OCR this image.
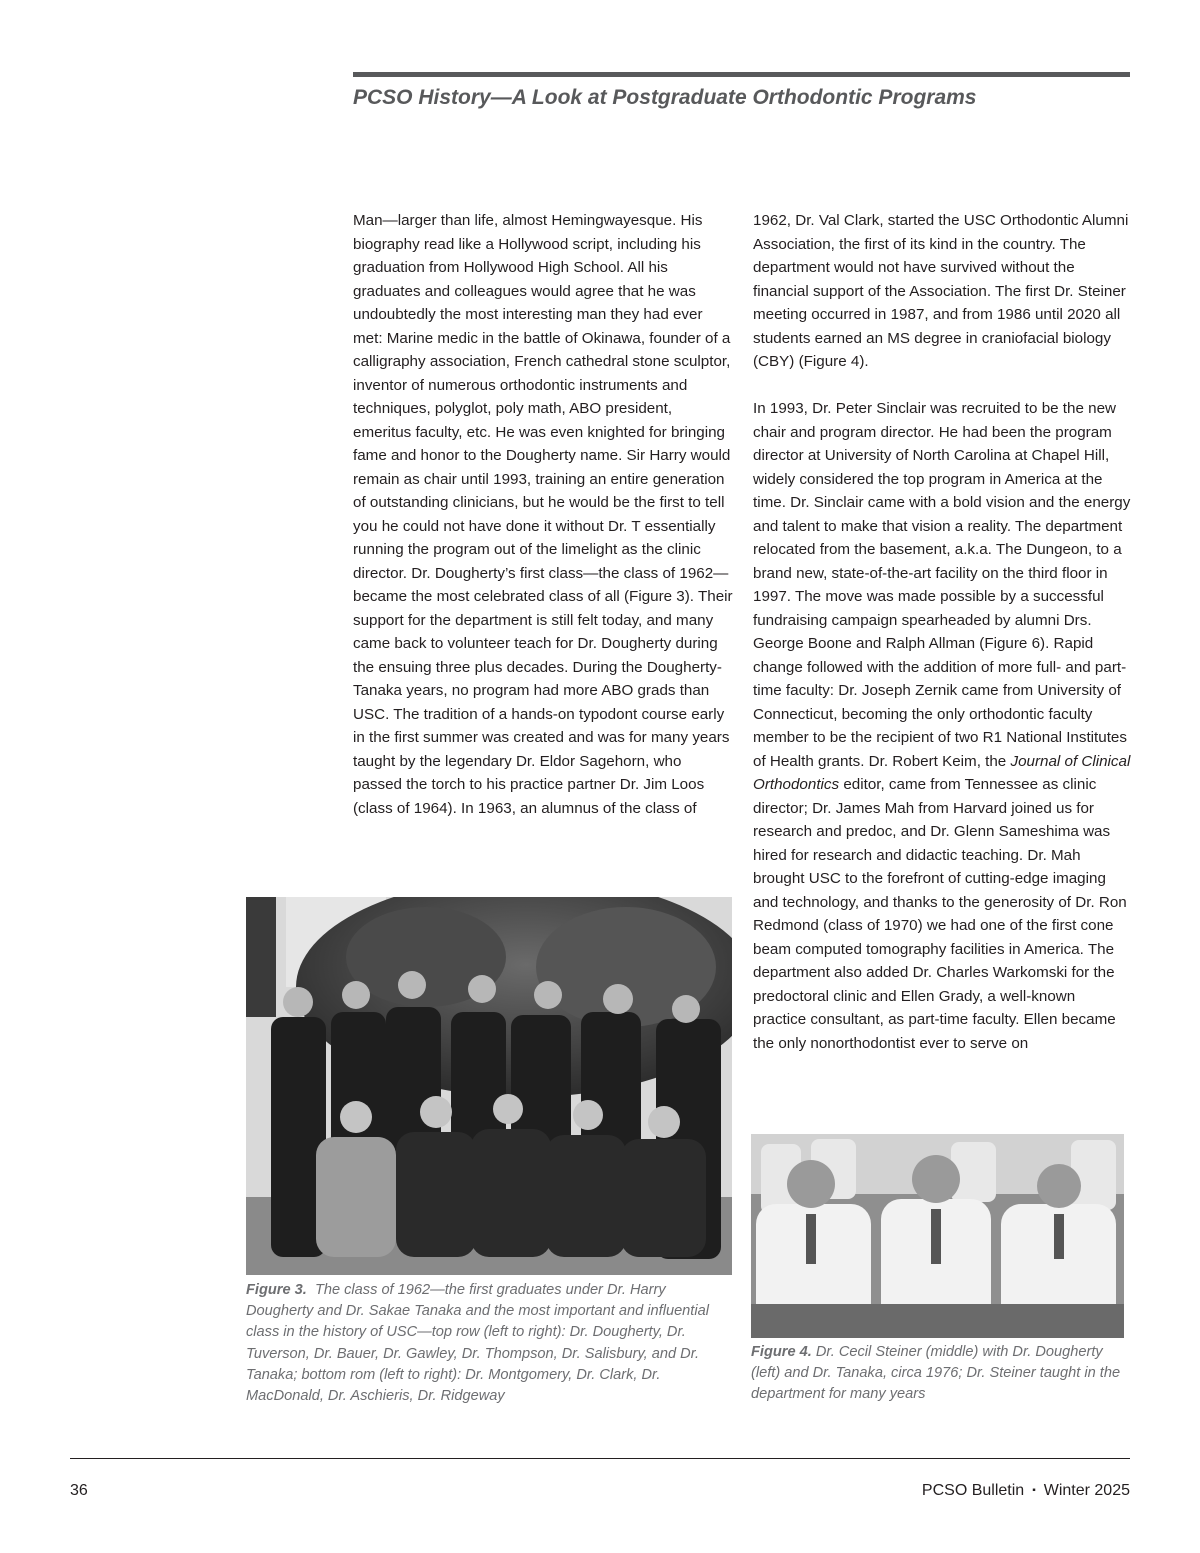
PCSO History—A Look at Postgraduate Orthodontic Programs

Man—larger than life, almost Hemingwayesque. His biography read like a Hollywood script, including his graduation from Hollywood High School. All his graduates and colleagues would agree that he was undoubtedly the most interesting man they had ever met: Marine medic in the battle of Okinawa, founder of a calligraphy association, French cathedral stone sculptor, inventor of numerous orthodontic instruments and techniques, polyglot, poly math, ABO president, emeritus faculty, etc. He was even knighted for bringing fame and honor to the Dougherty name. Sir Harry would remain as chair until 1993, training an entire generation of outstanding clinicians, but he would be the first to tell you he could not have done it without Dr. T essentially running the program out of the limelight as the clinic director. Dr. Dougherty’s first class—the class of 1962—became the most celebrated class of all (Figure 3). Their support for the department is still felt today, and many came back to volunteer teach for Dr. Dougherty during the ensuing three plus decades. During the Dougherty-Tanaka years, no program had more ABO grads than USC. The tradition of a hands-on typodont course early in the first summer was created and was for many years taught by the legendary Dr. Eldor Sagehorn, who passed the torch to his practice partner Dr. Jim Loos (class of 1964). In 1963, an alumnus of the class of

1962, Dr. Val Clark, started the USC Orthodontic Alumni Association, the first of its kind in the country. The department would not have survived without the financial support of the Association. The first Dr. Steiner meeting occurred in 1987, and from 1986 until 2020 all students earned an MS degree in craniofacial biology (CBY) (Figure 4).

In 1993, Dr. Peter Sinclair was recruited to be the new chair and program director. He had been the program director at University of North Carolina at Chapel Hill, widely considered the top program in America at the time. Dr. Sinclair came with a bold vision and the energy and talent to make that vision a reality. The department relocated from the basement, a.k.a. The Dungeon, to a brand new, state-of-the-art facility on the third floor in 1997. The move was made possible by a successful fundraising campaign spearheaded by alumni Drs. George Boone and Ralph Allman (Figure 6). Rapid change followed with the addition of more full- and part-time faculty: Dr. Joseph Zernik came from University of Connecticut, becoming the only orthodontic faculty member to be the recipient of two R1 National Institutes of Health grants. Dr. Robert Keim, the Journal of Clinical Orthodontics editor, came from Tennessee as clinic director; Dr. James Mah from Harvard joined us for research and predoc, and Dr. Glenn Sameshima was hired for research and didactic teaching. Dr. Mah brought USC to the forefront of cutting-edge imaging and technology, and thanks to the generosity of Dr. Ron Redmond (class of 1970) we had one of the first cone beam computed tomography facilities in America. The department also added Dr. Charles Warkomski for the predoctoral clinic and Ellen Grady, a well-known practice consultant, as part-time faculty. Ellen became the only nonorthodontist ever to serve on

Figure 3. The class of 1962—the first graduates under Dr. Harry Dougherty and Dr. Sakae Tanaka and the most important and influential class in the history of USC—top row (left to right): Dr. Dougherty, Dr. Tuverson, Dr. Bauer, Dr. Gawley, Dr. Thompson, Dr. Salisbury, and Dr. Tanaka; bottom rom (left to right): Dr. Montgomery, Dr. Clark, Dr. MacDonald, Dr. Aschieris, Dr. Ridgeway

Figure 4. Dr. Cecil Steiner (middle) with Dr. Dougherty (left) and Dr. Tanaka, circa 1976; Dr. Steiner taught in the department for many years

36	PCSO Bulletin ▪ Winter 2025
